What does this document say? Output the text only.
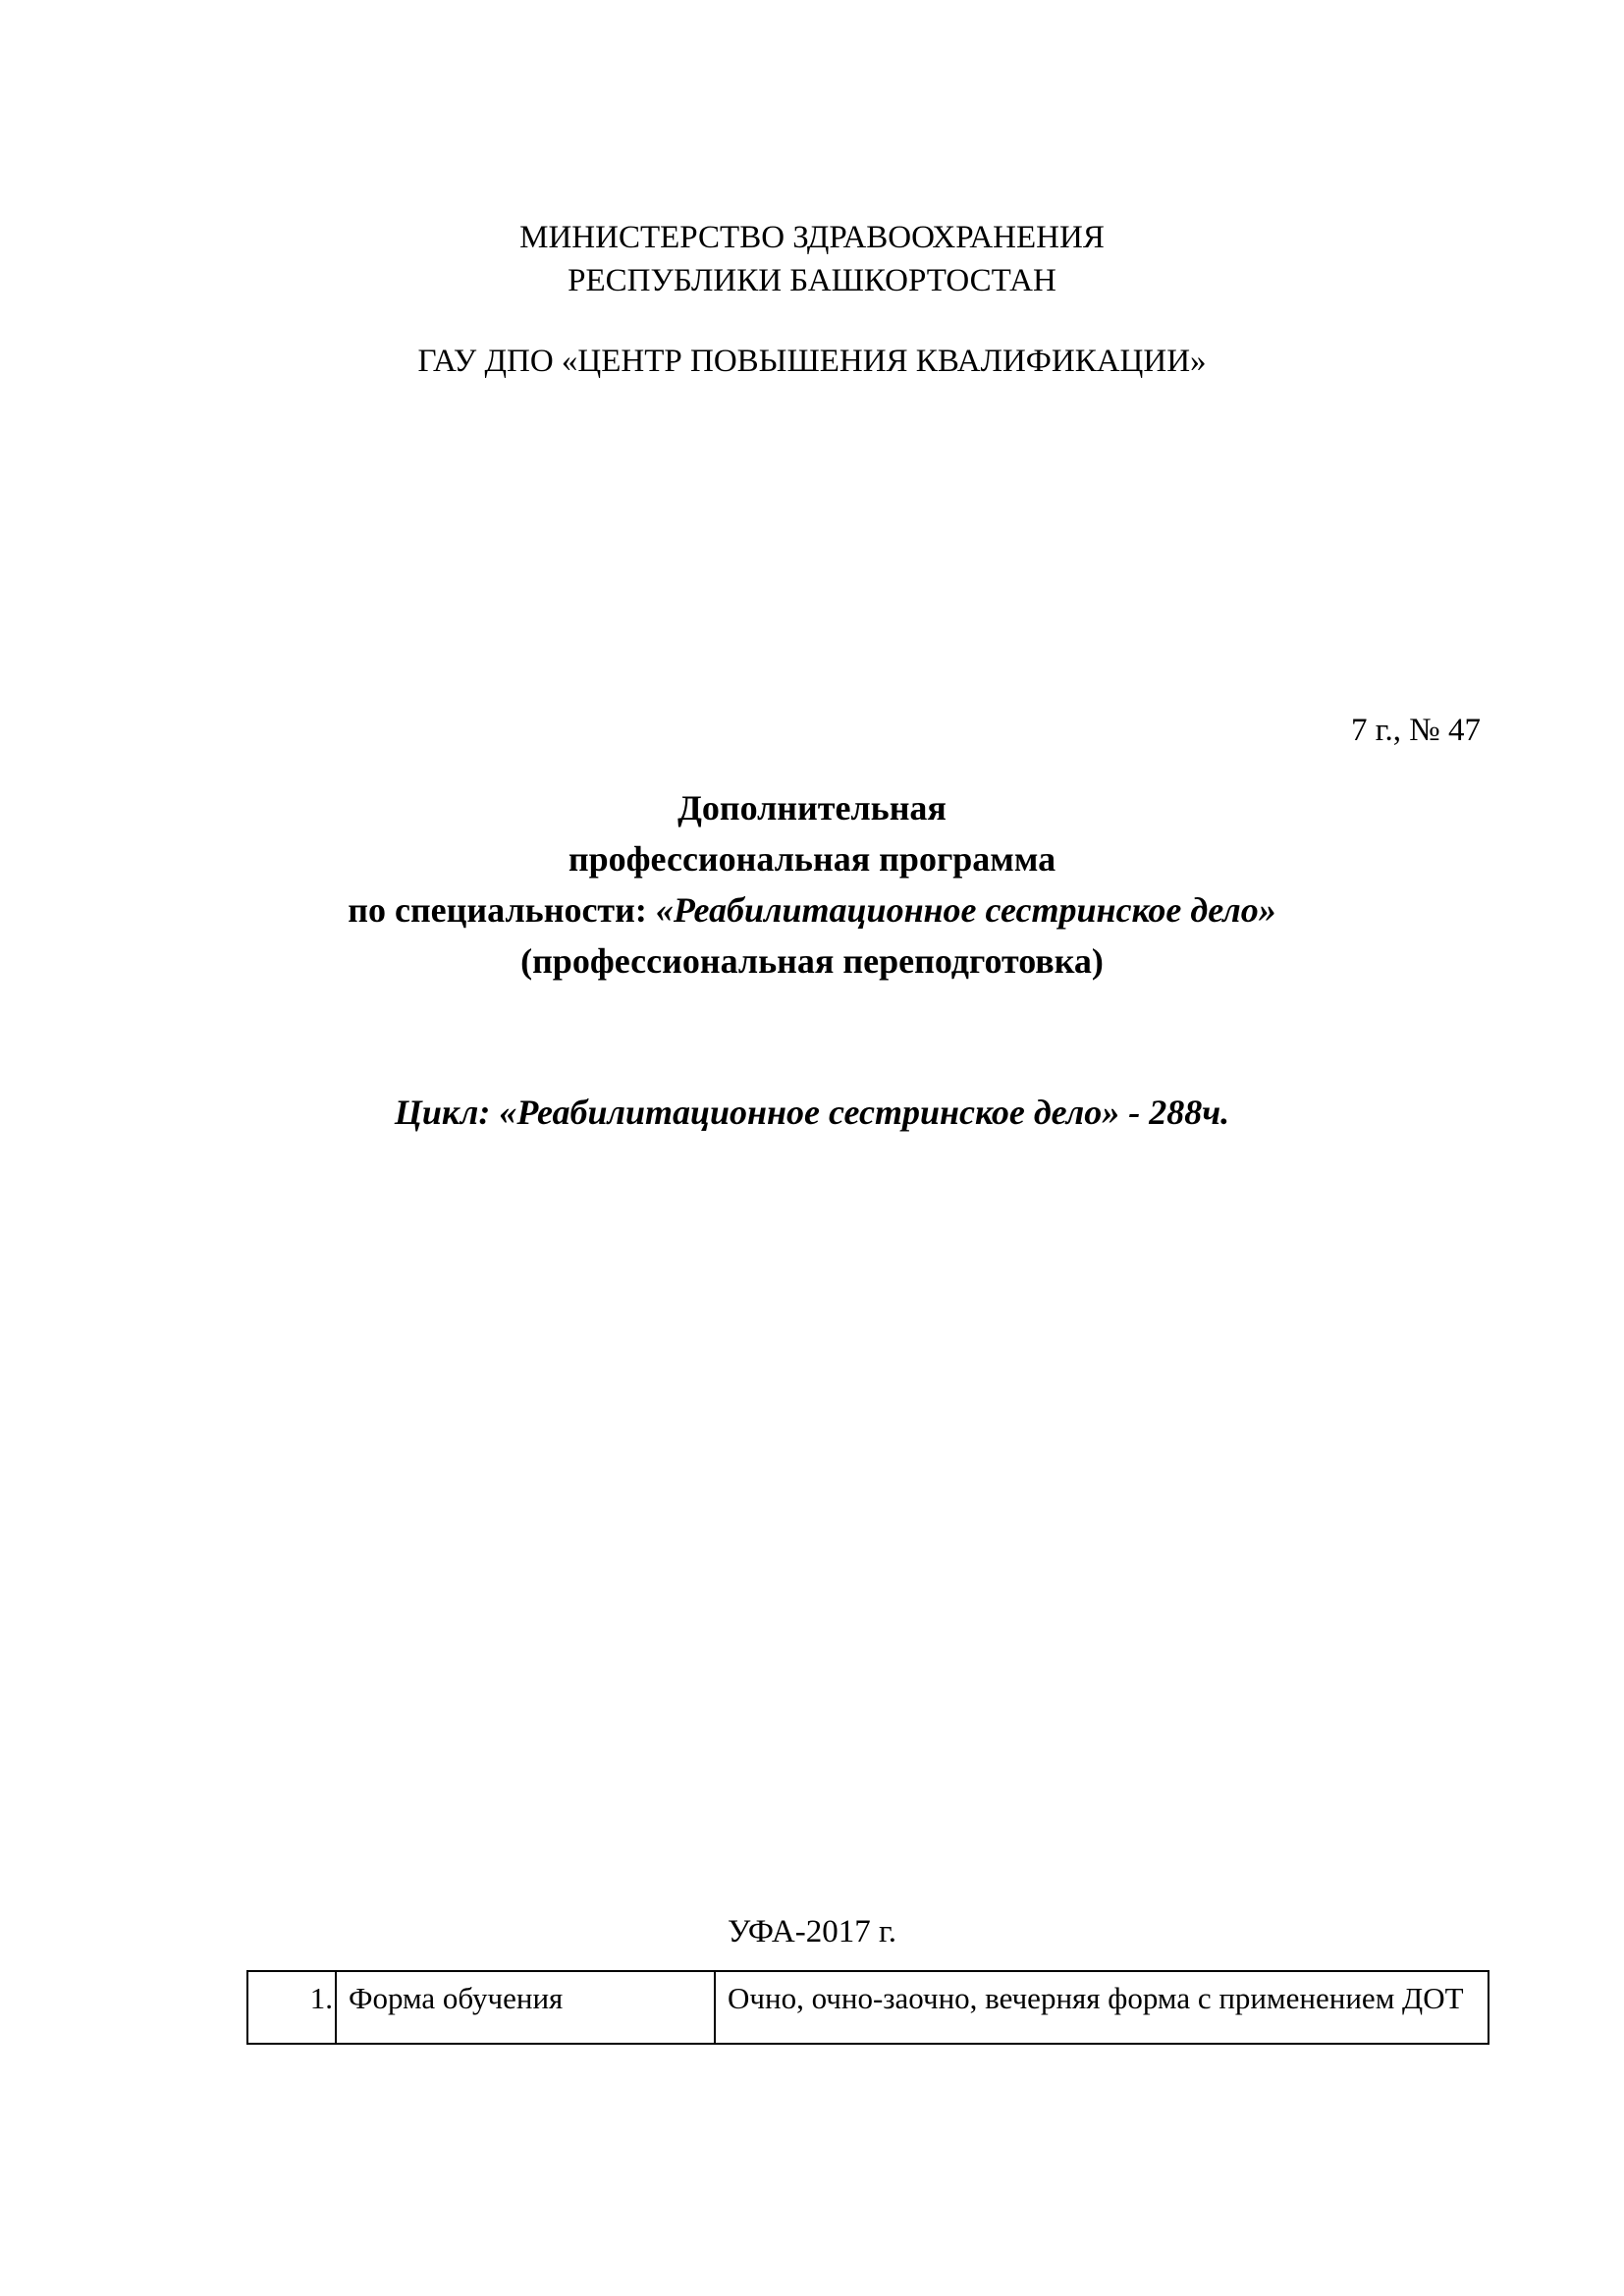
МИНИСТЕРСТВО ЗДРАВООХРАНЕНИЯ
РЕСПУБЛИКИ БАШКОРТОСТАН
ГАУ ДПО «ЦЕНТР ПОВЫШЕНИЯ КВАЛИФИКАЦИИ»
7 г., № 47
Дополнительная
профессиональная программа
по специальности: «Реабилитационное сестринское дело»
(профессиональная переподготовка)
Цикл: «Реабилитационное сестринское дело» - 288ч.
УФА-2017 г.
1.	Форма обучения	Очно, очно-заочно, вечерняя форма с применением ДОТ
